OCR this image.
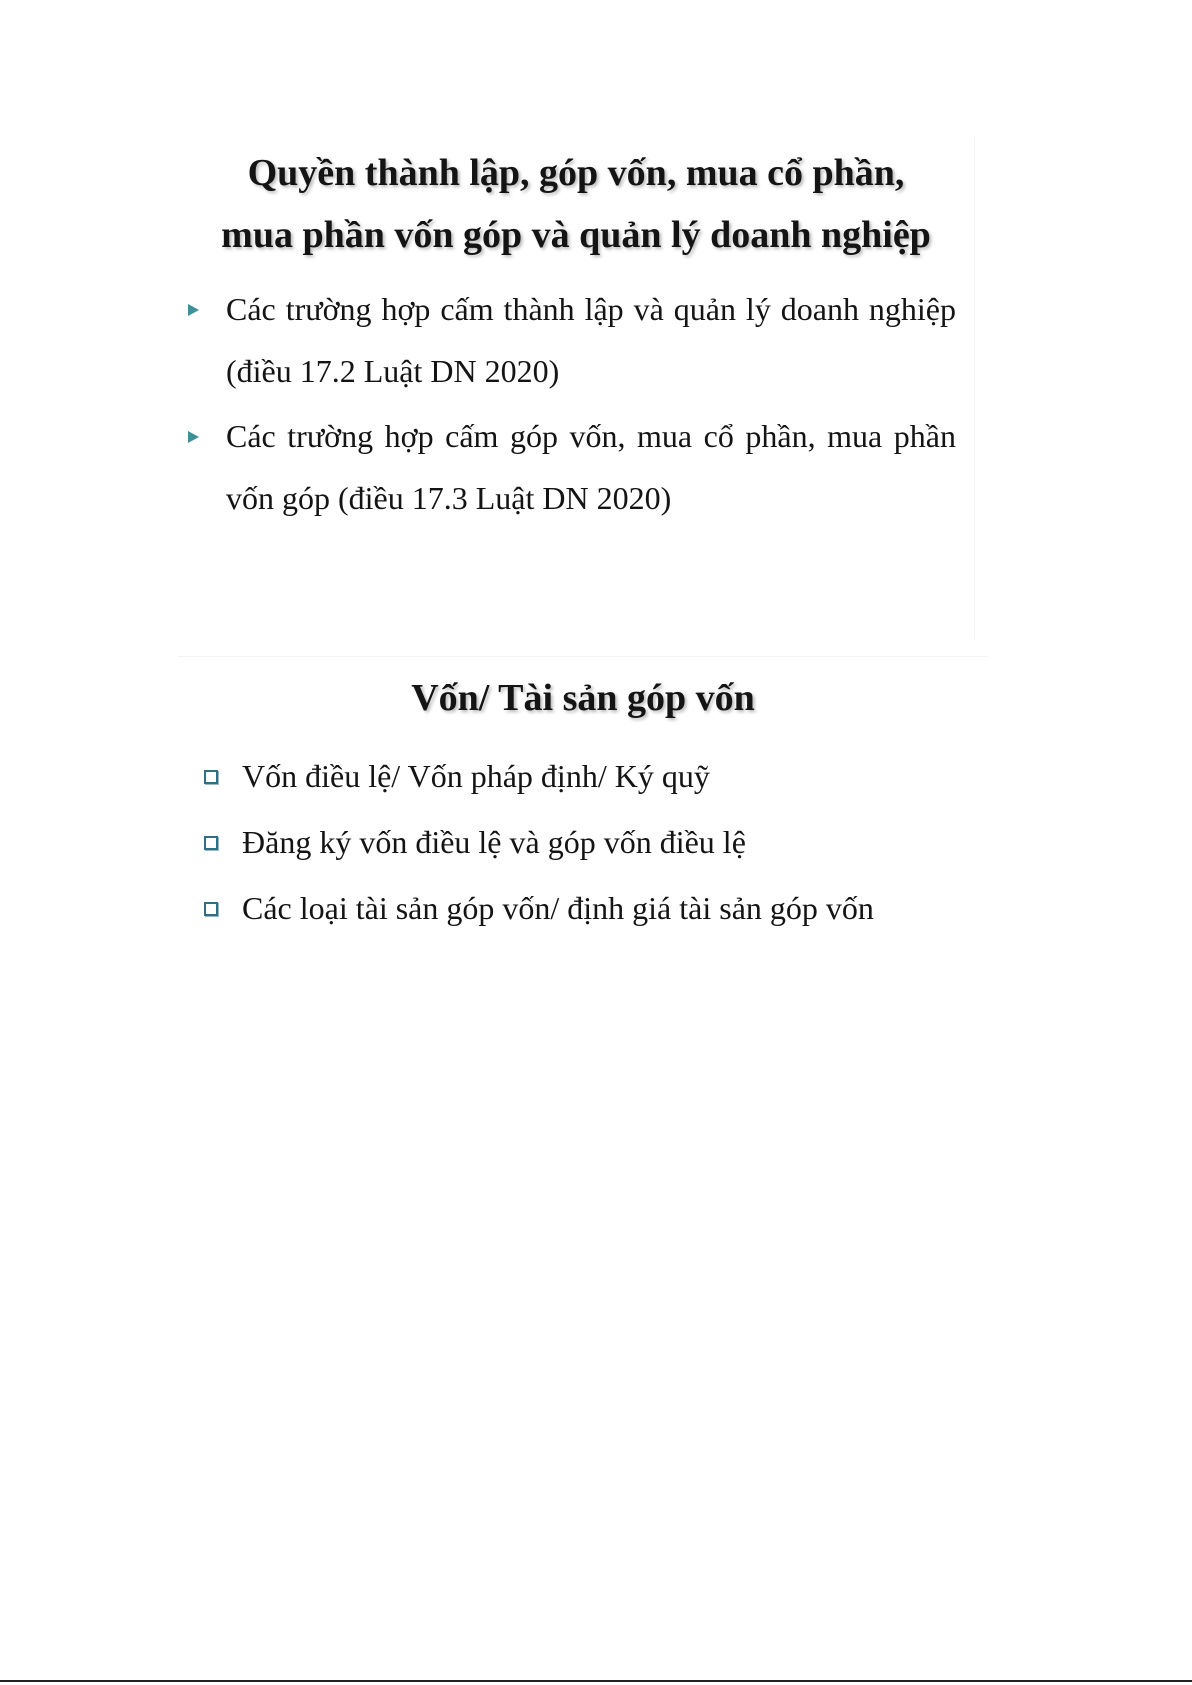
Quyền thành lập, góp vốn, mua cổ phần,
mua phần vốn góp và quản lý doanh nghiệp
Các trường hợp cấm thành lập và quản lý doanh nghiệp (điều 17.2 Luật DN 2020)
Các trường hợp cấm góp vốn, mua cổ phần, mua phần vốn góp (điều 17.3 Luật DN 2020)
Vốn/ Tài sản góp vốn
Vốn điều lệ/ Vốn pháp định/ Ký quỹ
Đăng ký vốn điều lệ và góp vốn điều lệ
Các loại tài sản góp vốn/ định giá tài sản góp vốn
